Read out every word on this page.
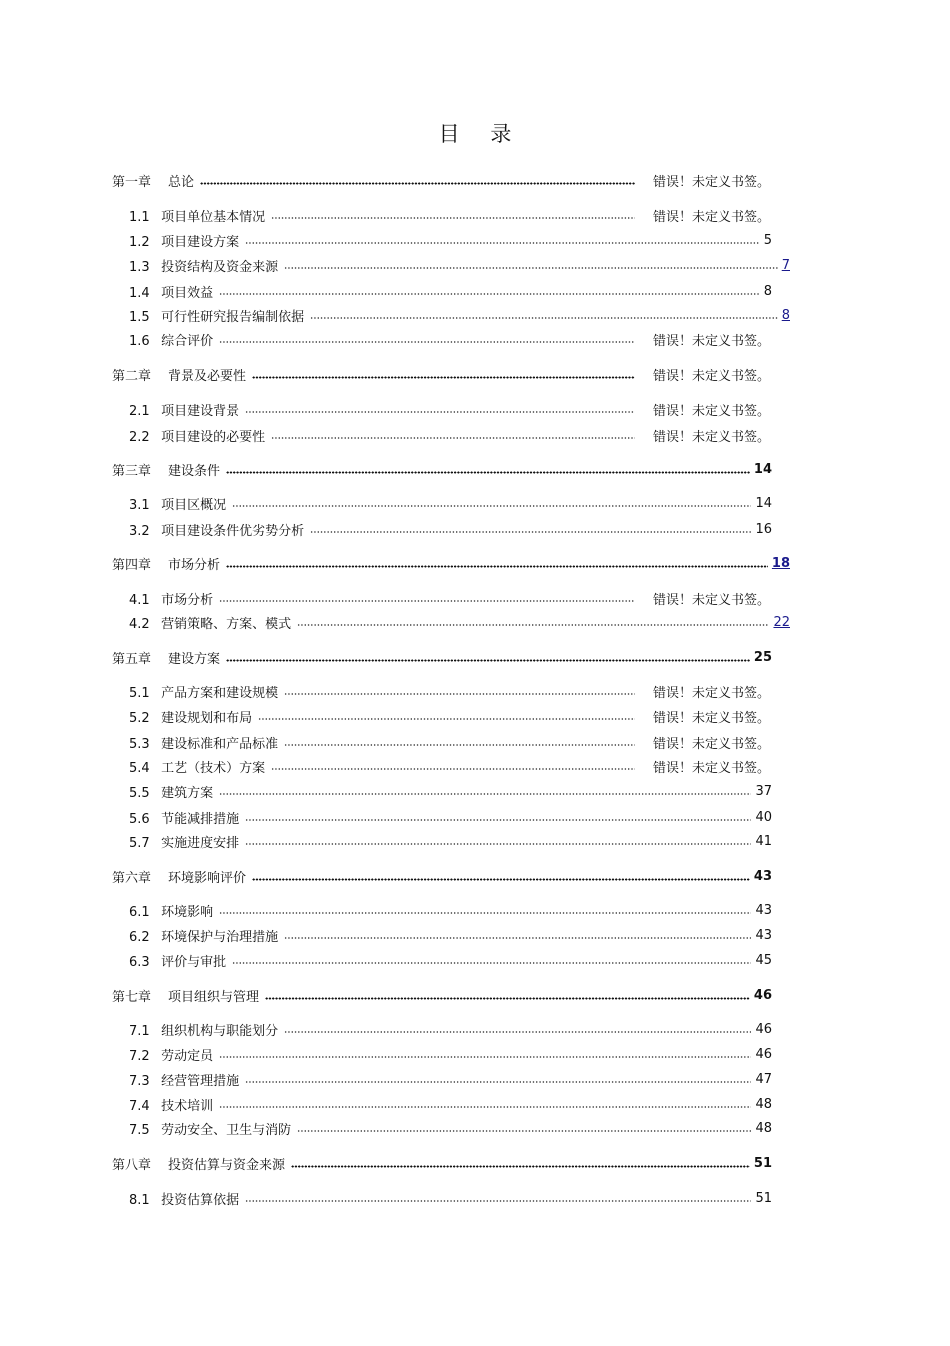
目 录
第一章 总论	错误！未定义书签。
1.1 项目单位基本情况	错误！未定义书签。
1.2 项目建设方案	5
1.3 投资结构及资金来源	7
1.4 项目效益	8
1.5 可行性研究报告编制依据	8
1.6 综合评价	错误！未定义书签。
第二章 背景及必要性	错误！未定义书签。
2.1 项目建设背景	错误！未定义书签。
2.2 项目建设的必要性	错误！未定义书签。
第三章 建设条件	14
3.1 项目区概况	14
3.2 项目建设条件优劣势分析	16
第四章 市场分析	18
4.1 市场分析	错误！未定义书签。
4.2 营销策略、方案、模式	22
第五章 建设方案	25
5.1 产品方案和建设规模	错误！未定义书签。
5.2 建设规划和布局	错误！未定义书签。
5.3 建设标准和产品标准	错误！未定义书签。
5.4 工艺（技术）方案	错误！未定义书签。
5.5 建筑方案	37
5.6 节能减排措施	40
5.7 实施进度安排	41
第六章 环境影响评价	43
6.1 环境影响	43
6.2 环境保护与治理措施	43
6.3 评价与审批	45
第七章 项目组织与管理	46
7.1 组织机构与职能划分	46
7.2 劳动定员	46
7.3 经营管理措施	47
7.4 技术培训	48
7.5 劳动安全、卫生与消防	48
第八章 投资估算与资金来源	51
8.1 投资估算依据	51
